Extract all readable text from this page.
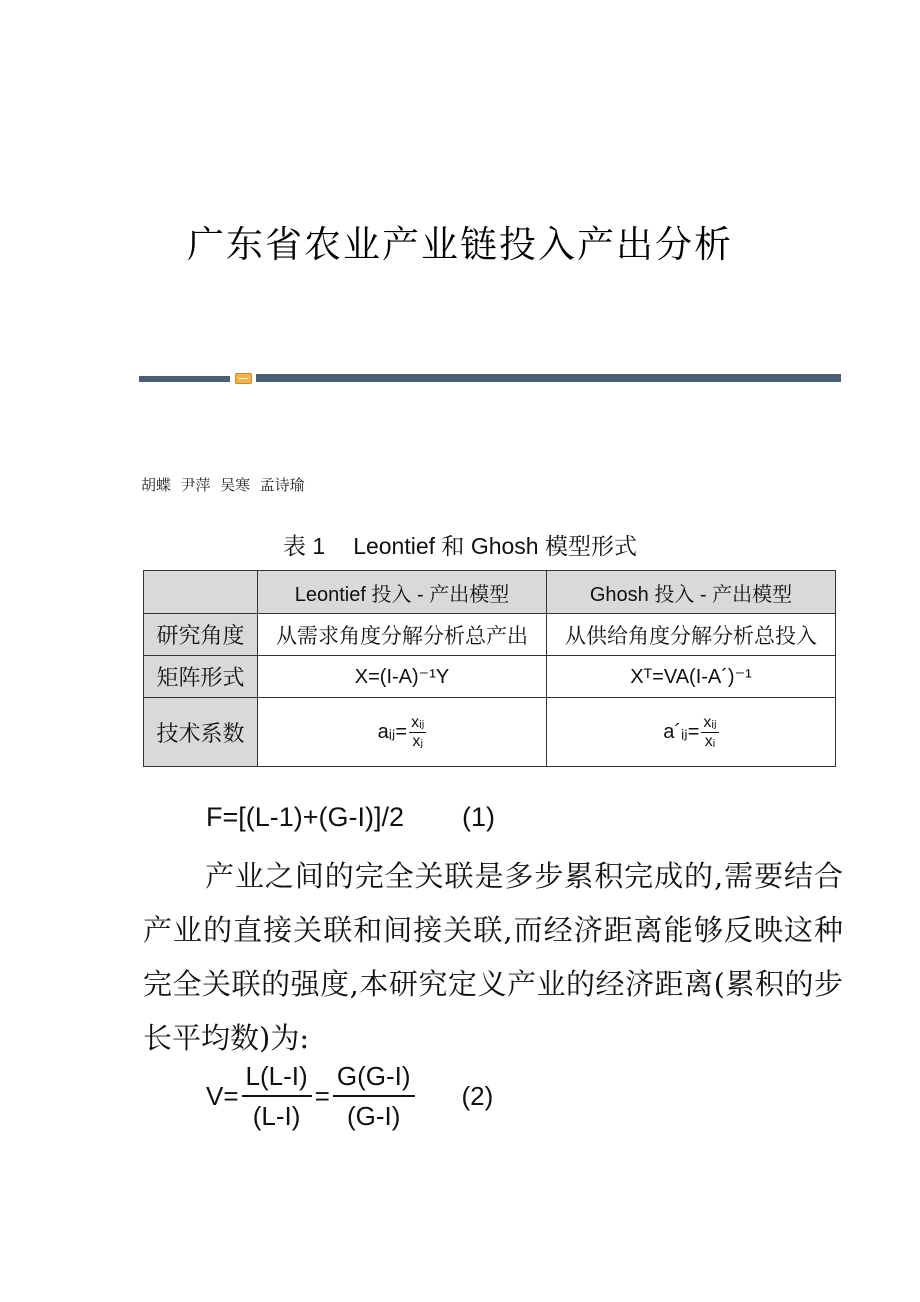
广东省农业产业链投入产出分析
胡蝶  尹萍  吴寒  孟诗瑜
表 1 Leontief 和 Ghosh 模型形式
	Leontief 投入 - 产出模型	Ghosh 投入 - 产出模型
研究角度	从需求角度分解分析总产出	从供给角度分解分析总投入
矩阵形式	X=(I-A)⁻¹Y	Xᵀ=VA(I-A´)⁻¹
技术系数	aᵢⱼ= $\frac{\text{xᵢⱼ}}{\text{xⱼ}}$	a´ᵢⱼ= $\frac{\text{xᵢⱼ}}{\text{xᵢ}}$
F=[(L-1)+(G-I)]/2 (1)
产业之间的完全关联是多步累积完成的,需要结合产业的直接关联和间接关联,而经济距离能够反映这种完全关联的强度,本研究定义产业的经济距离(累积的步长平均数)为:
$V= \frac{L(L-I)}{(L-I)} = \frac{G(G-I)}{(G-I)} (2)$
